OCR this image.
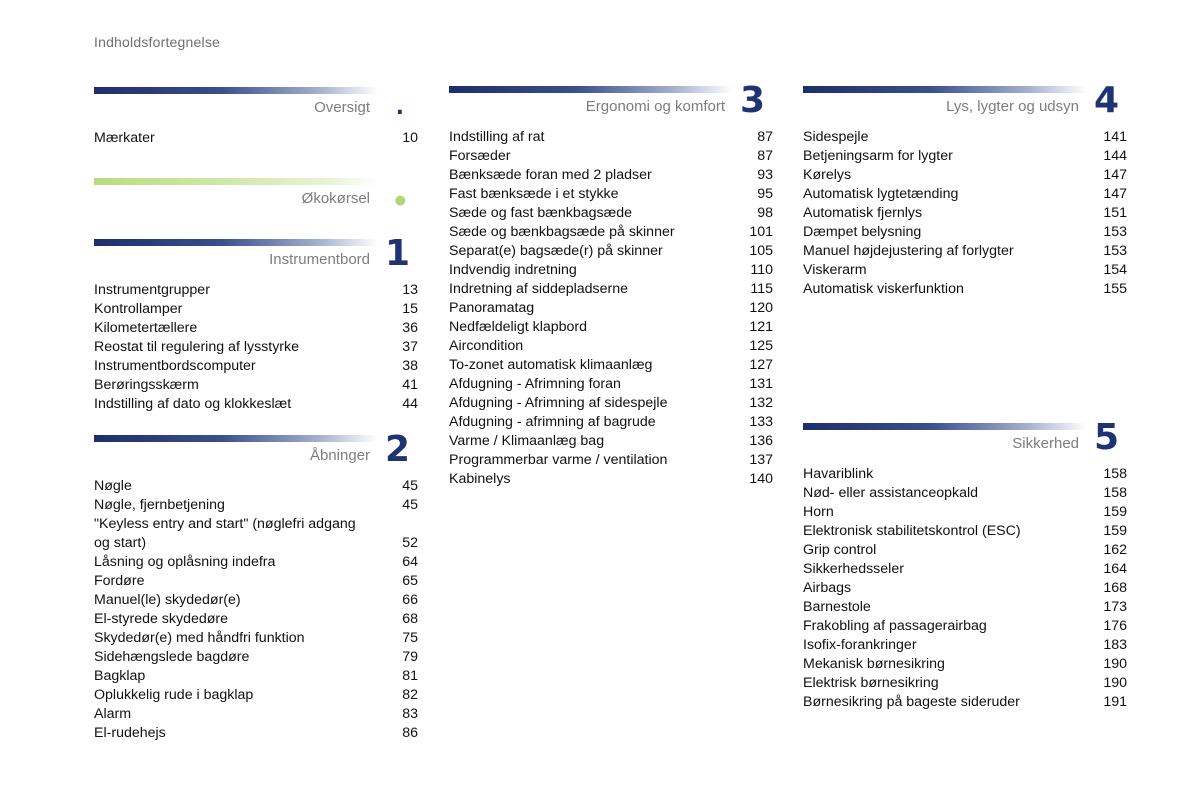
Indholdsfortegnelse
Oversigt .
Mærkater	10
Økokørsel ●
Instrumentbord 1
Instrumentgrupper	13
Kontrollamper	15
Kilometertællere	36
Reostat til regulering af lysstyrke	37
Instrumentbordscomputer	38
Berøringsskærm	41
Indstilling af dato og klokkeslæt	44
Åbninger 2
Nøgle	45
Nøgle, fjernbetjening	45
"Keyless entry and start" (nøglefri adgang og start)	52
Låsning og oplåsning indefra	64
Fordøre	65
Manuel(le) skydedør(e)	66
El-styrede skydedøre	68
Skydedør(e) med håndfri funktion	75
Sidehængslede bagdøre	79
Bagklap	81
Oplukkelig rude i bagklap	82
Alarm	83
El-rudehejs	86
Ergonomi og komfort 3
Indstilling af rat	87
Forsæder	87
Bænksæde foran med 2 pladser	93
Fast bænksæde i et stykke	95
Sæde og fast bænkbagsæde	98
Sæde og bænkbagsæde på skinner	101
Separat(e) bagsæde(r) på skinner	105
Indvendig indretning	110
Indretning af siddepladserne	115
Panoramatag	120
Nedfældeligt klapbord	121
Aircondition	125
To-zonet automatisk klimaanlæg	127
Afdugning - Afrimning foran	131
Afdugning - Afrimning af sidespejle	132
Afdugning - afrimning af bagrude	133
Varme / Klimaanlæg bag	136
Programmerbar varme / ventilation	137
Kabinelys	140
Lys, lygter og udsyn 4
Sidespejle	141
Betjeningsarm for lygter	144
Kørelys	147
Automatisk lygtetænding	147
Automatisk fjernlys	151
Dæmpet belysning	153
Manuel højdejustering af forlygter	153
Viskerarm	154
Automatisk viskerfunktion	155
Sikkerhed 5
Havariblink	158
Nød- eller assistanceopkald	158
Horn	159
Elektronisk stabilitetskontrol (ESC)	159
Grip control	162
Sikkerhedsseler	164
Airbags	168
Barnestole	173
Frakobling af passagerairbag	176
Isofix-forankringer	183
Mekanisk børnesikring	190
Elektrisk børnesikring	190
Børnesikring på bageste sideruder	191
